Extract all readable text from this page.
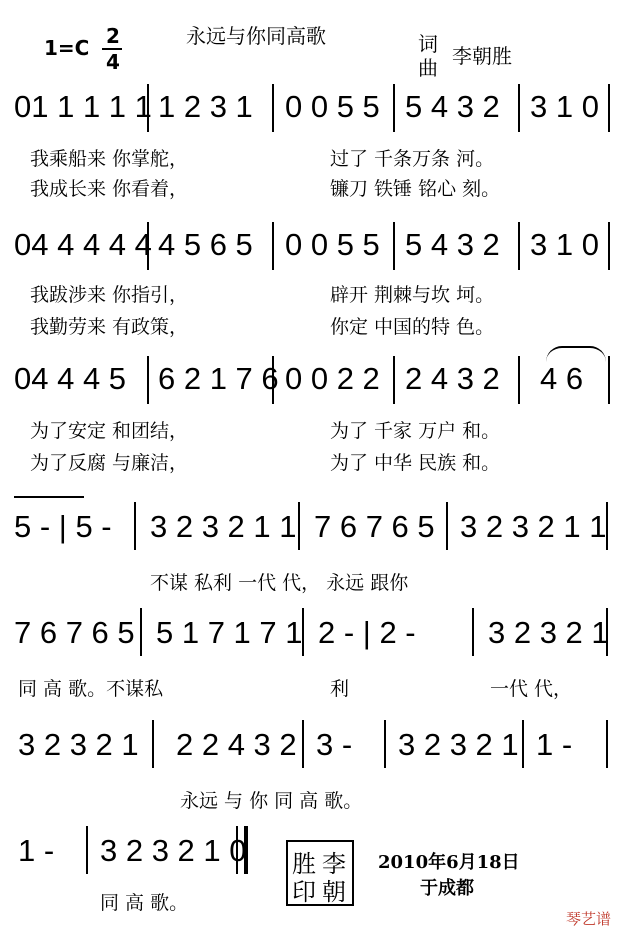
1=C 2
4
永远与你同高歌	词
曲 李朝胜
01 1 1 1 1 1 2 3 1 0 0 5 5 5 4 3 2 3 1 0
我乘船来 你掌舵，	过了 千条万条 河。
我成长来 你看着，	镰刀 铁锤 铭心 刻。
04 4 4 4 4 4 5 6 5 0 0 5 5 5 4 3 2 3 1 0
我跋涉来 你指引，	辟开 荆棘与坎 坷。
我勤劳来 有政策，	你定 中国的特 色。
04 4 4 5 6 2 1 7 6 0 0 2 2 2 4 3 2 4 6
为了安定 和团结，	为了 千家 万户 和。
为了反腐 与廉洁，	为了 中华 民族 和。
5 - | 5 - 3 2 3 2 1 1 7 6 7 6 5 3 2 3 2 1 1
不谋 私利 一代 代， 永远 跟你
7 6 7 6 5 5 1 7 1 7 1 2 - | 2 - 3 2 3 2 1
同 高 歌。不谋私	利	一代 代，
3 2 3 2 1 2 2 4 3 2 3 - 3 2 3 2 1 1 -
永远 与 你 同 高 歌。
1 - 3 2 3 2 1 0
同 高 歌。

胜

李

印

朝

2010年6月18日
于成都
琴艺谱
